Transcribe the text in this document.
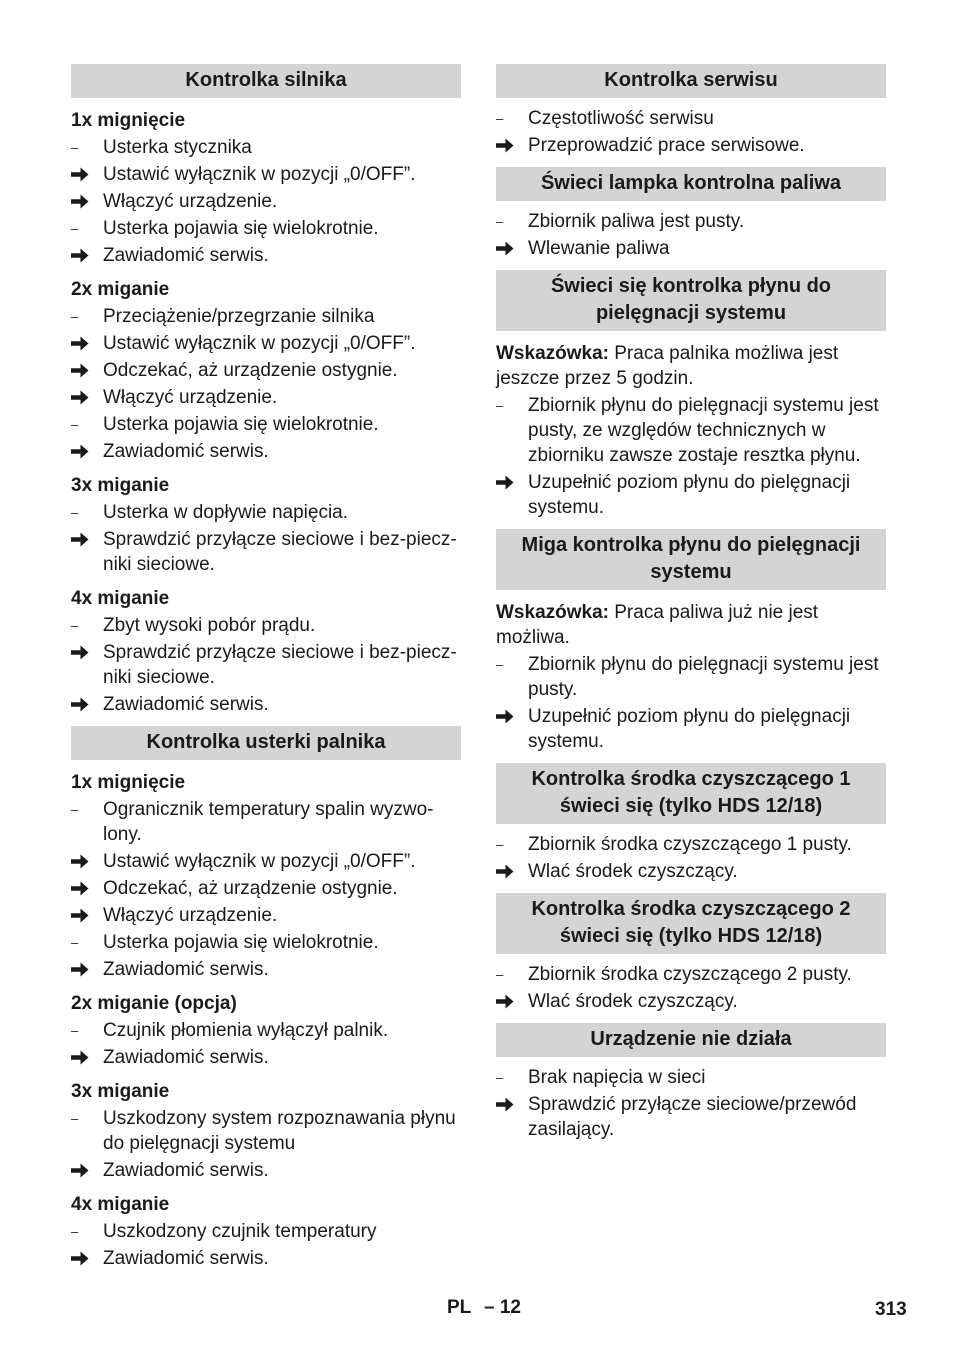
Kontrolka silnika
1x mignięcie
–	Usterka stycznika
Ustawić wyłącznik w pozycji „0/OFF”.
Włączyć urządzenie.
–	Usterka pojawia się wielokrotnie.
Zawiadomić serwis.
2x miganie
–	Przeciążenie/przegrzanie silnika
Ustawić wyłącznik w pozycji „0/OFF”.
Odczekać, aż urządzenie ostygnie.
Włączyć urządzenie.
–	Usterka pojawia się wielokrotnie.
Zawiadomić serwis.
3x miganie
–	Usterka w dopływie napięcia.
Sprawdzić przyłącze sieciowe i bez-pieczniki sieciowe.
4x miganie
–	Zbyt wysoki pobór prądu.
Sprawdzić przyłącze sieciowe i bez-pieczniki sieciowe.
Zawiadomić serwis.
Kontrolka usterki palnika
1x mignięcie
–	Ogranicznik temperatury spalin wyzwo-lony.
Ustawić wyłącznik w pozycji „0/OFF”.
Odczekać, aż urządzenie ostygnie.
Włączyć urządzenie.
–	Usterka pojawia się wielokrotnie.
Zawiadomić serwis.
2x miganie (opcja)
–	Czujnik płomienia wyłączył palnik.
Zawiadomić serwis.
3x miganie
–	Uszkodzony system rozpoznawania płynu do pielęgnacji systemu
Zawiadomić serwis.
4x miganie
–	Uszkodzony czujnik temperatury
Zawiadomić serwis.
Kontrolka serwisu
–	Częstotliwość serwisu
Przeprowadzić prace serwisowe.
Świeci lampka kontrolna paliwa
–	Zbiornik paliwa jest pusty.
Wlewanie paliwa
Świeci się kontrolka płynu do pielęgnacji systemu
Wskazówka: Praca palnika możliwa jest jeszcze przez 5 godzin.
–	Zbiornik płynu do pielęgnacji systemu jest pusty, ze względów technicznych w zbiorniku zawsze zostaje resztka płynu.
Uzupełnić poziom płynu do pielęgnacji systemu.
Miga kontrolka płynu do pielęgnacji systemu
Wskazówka: Praca paliwa już nie jest możliwa.
–	Zbiornik płynu do pielęgnacji systemu jest pusty.
Uzupełnić poziom płynu do pielęgnacji systemu.
Kontrolka środka czyszczącego 1 świeci się (tylko HDS 12/18)
–	Zbiornik środka czyszczącego 1 pusty.
Wlać środek czyszczący.
Kontrolka środka czyszczącego 2 świeci się (tylko HDS 12/18)
–	Zbiornik środka czyszczącego 2 pusty.
Wlać środek czyszczący.
Urządzenie nie działa
–	Brak napięcia w sieci
Sprawdzić przyłącze sieciowe/przewód zasilający.
PL – 12	313
